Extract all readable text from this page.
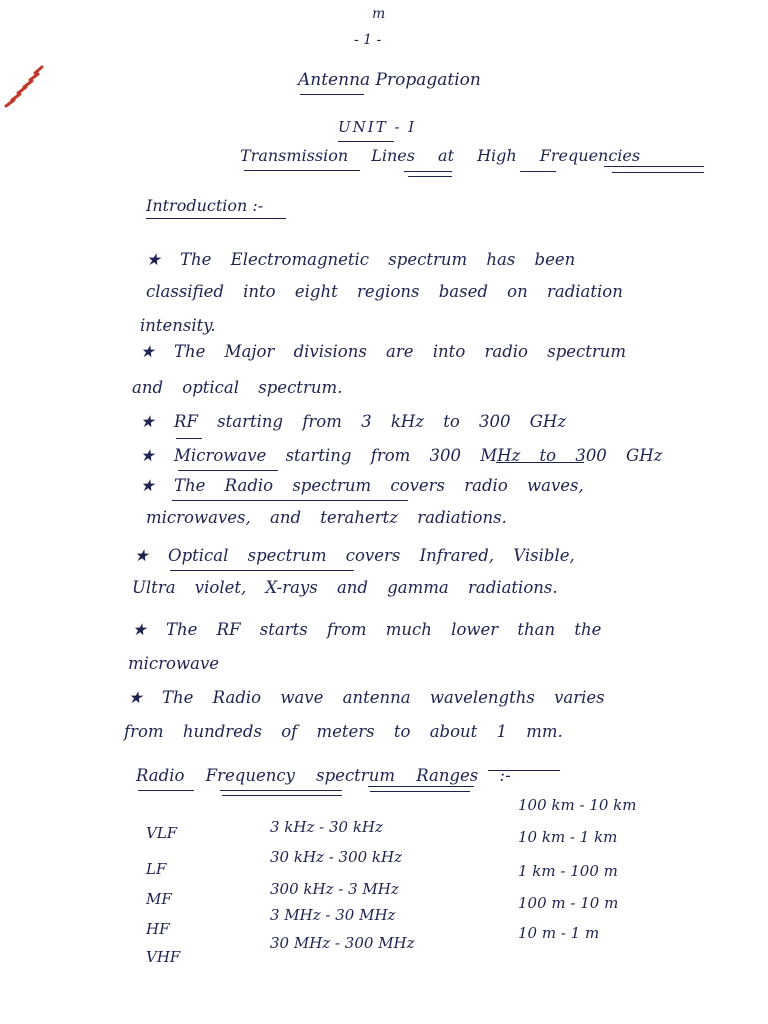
m
- 1 -
Antenna Propagation
UNIT - I
Transmission Lines at High Frequencies
Introduction :-
★ The Electromagnetic spectrum has been
classified into eight regions based on radiation
intensity.
★ The Major divisions are into radio spectrum
and optical spectrum.
★ RF starting from 3 kHz to 300 GHz
★ Microwave starting from 300 MHz to 300 GHz
★ The Radio spectrum covers radio waves,
microwaves, and terahertz radiations.
★ Optical spectrum covers Infrared, Visible,
Ultra violet, X-rays and gamma radiations.
★ The RF starts from much lower than the
microwave
★ The Radio wave antenna wavelengths varies
from hundreds of meters to about 1 mm.
Radio Frequency spectrum Ranges :-
VLF	3 kHz - 30 kHz
100 km - 10 km
LF
30 kHz - 300 kHz
10 km - 1 km
MF
300 kHz - 3 MHz
1 km - 100 m
HF
3 MHz - 30 MHz
100 m - 10 m
VHF
30 MHz - 300 MHz
10 m - 1 m
